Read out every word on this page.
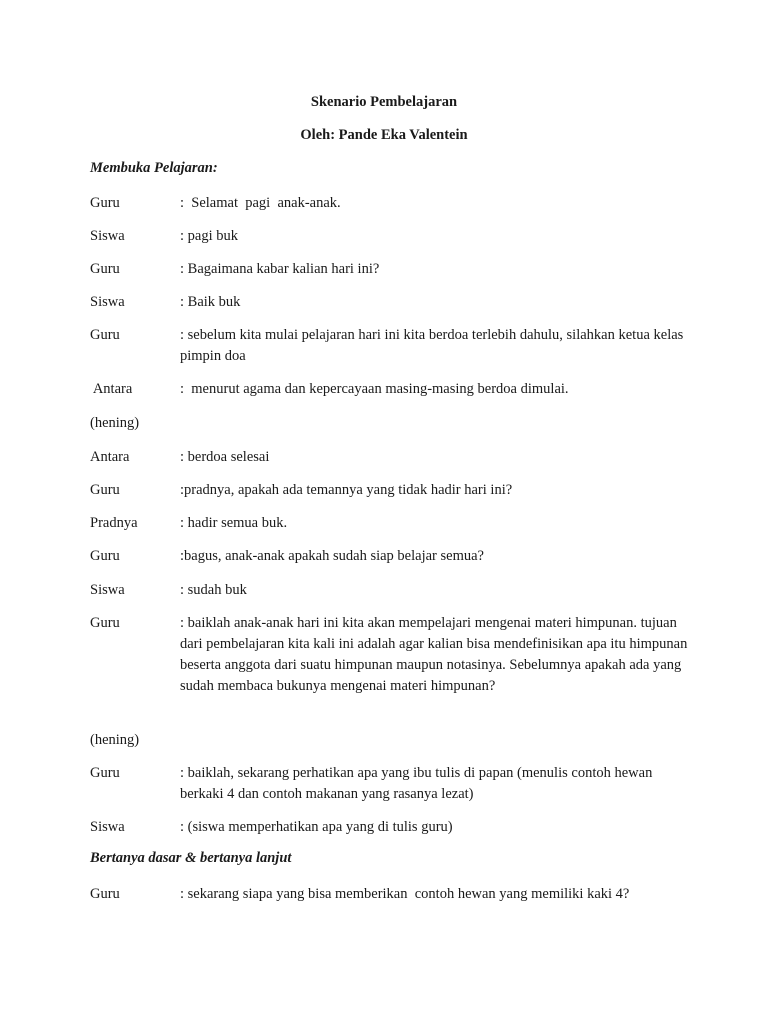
Skenario Pembelajaran
Oleh: Pande Eka Valentein
Membuka Pelajaran:
Guru	:  Selamat  pagi  anak-anak.
Siswa	: pagi buk
Guru	: Bagaimana kabar kalian hari ini?
Siswa	: Baik buk
Guru	: sebelum kita mulai pelajaran hari ini kita berdoa terlebih dahulu, silahkan ketua kelas pimpin doa
Antara	:  menurut agama dan kepercayaan masing-masing berdoa dimulai.
(hening)
Antara	: berdoa selesai
Guru	:pradnya, apakah ada temannya yang tidak hadir hari ini?
Pradnya	: hadir semua buk.
Guru	:bagus, anak-anak apakah sudah siap belajar semua?
Siswa	: sudah buk
Guru	: baiklah anak-anak hari ini kita akan mempelajari mengenai materi himpunan. tujuan dari pembelajaran kita kali ini adalah agar kalian bisa mendefinisikan apa itu himpunan beserta anggota dari suatu himpunan maupun notasinya. Sebelumnya apakah ada yang sudah membaca bukunya mengenai materi himpunan?
(hening)
Guru	: baiklah, sekarang perhatikan apa yang ibu tulis di papan (menulis contoh hewan berkaki 4 dan contoh makanan yang rasanya lezat)
Siswa	: (siswa memperhatikan apa yang di tulis guru)
Bertanya dasar & bertanya lanjut
Guru	: sekarang siapa yang bisa memberikan  contoh hewan yang memiliki kaki 4?
